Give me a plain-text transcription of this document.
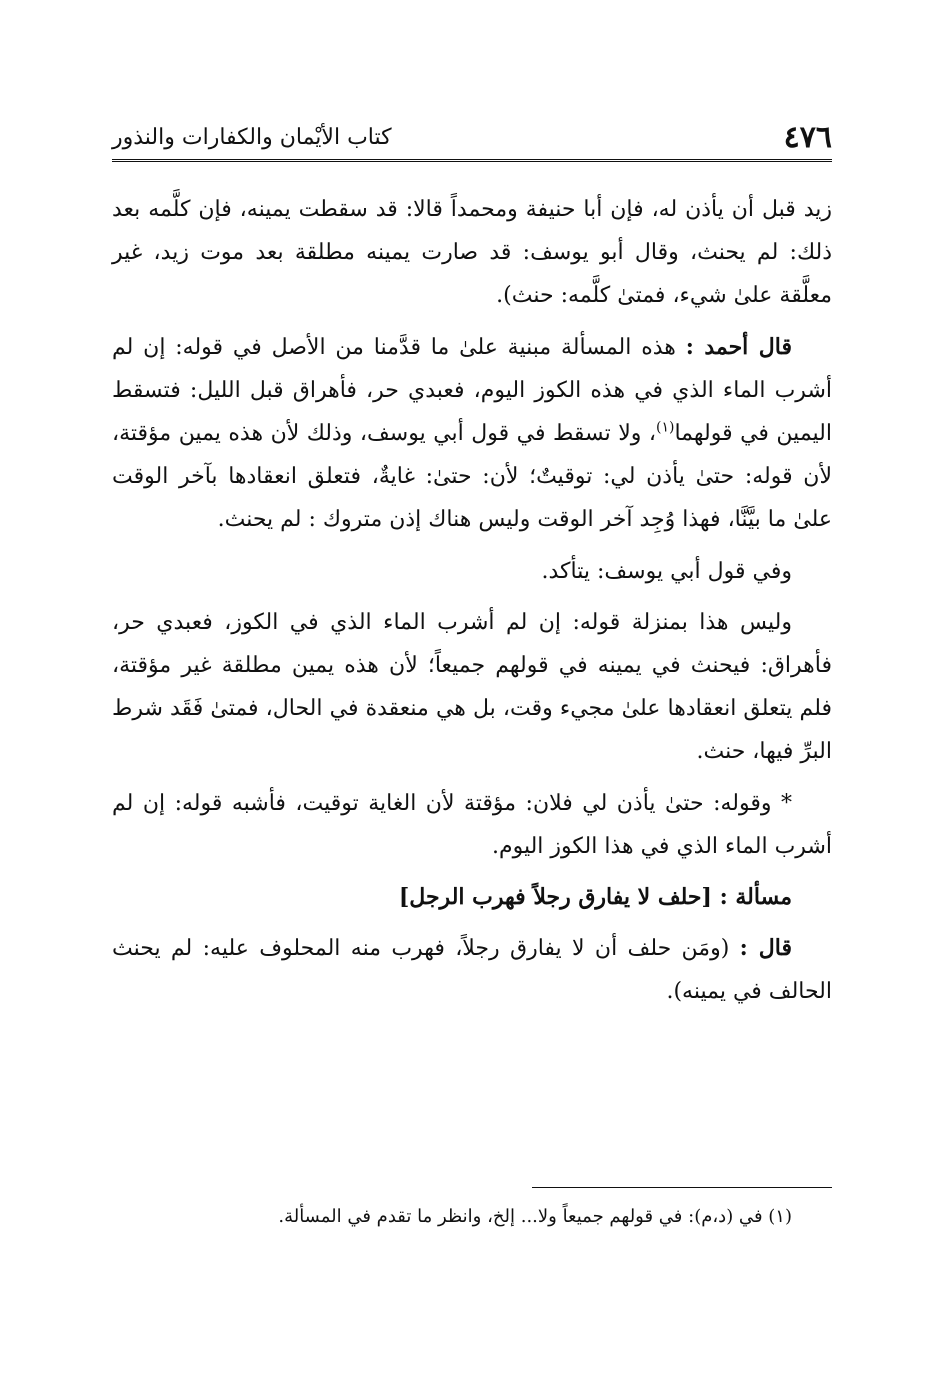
٤٧٦
كتاب الأيْمان والكفارات والنذور

زيد قبل أن يأذن له، فإن أبا حنيفة ومحمداً قالا: قد سقطت يمينه، فإن كلَّمه بعد ذلك: لم يحنث، وقال أبو يوسف: قد صارت يمينه مطلقة بعد موت زيد، غير معلَّقة علىٰ شيء، فمتىٰ كلَّمه: حنث).

قال أحمد : هذه المسألة مبنية علىٰ ما قدَّمنا من الأصل في قوله: إن لم أشرب الماء الذي في هذه الكوز اليوم، فعبدي حر، فأهراق قبل الليل: فتسقط اليمين في قولهما$^{(١)}$، ولا تسقط في قول أبي يوسف، وذلك لأن هذه يمين مؤقتة، لأن قوله: حتىٰ يأذن لي: توقيتٌ؛ لأن: حتىٰ: غايةٌ، فتعلق انعقادها بآخر الوقت علىٰ ما بيَّنَّا، فهذا وُجِد آخر الوقت وليس هناك إذن متروك : لم يحنث.

وفي قول أبي يوسف: يتأكد.

وليس هذا بمنزلة قوله: إن لم أشرب الماء الذي في الكوز، فعبدي حر، فأهراق: فيحنث في يمينه في قولهم جميعاً؛ لأن هذه يمين مطلقة غير مؤقتة، فلم يتعلق انعقادها علىٰ مجيء وقت، بل هي منعقدة في الحال، فمتىٰ فَقَد شرط البرِّ فيها، حنث.

* وقوله: حتىٰ يأذن لي فلان: مؤقتة لأن الغاية توقيت، فأشبه قوله: إن لم أشرب الماء الذي في هذا الكوز اليوم.

مسألة : [حلف لا يفارق رجلاً فهرب الرجل]

قال : (ومَن حلف أن لا يفارق رجلاً، فهرب منه المحلوف عليه: لم يحنث الحالف في يمينه).

(١) في (د،م): في قولهم جميعاً ولا... إلخ، وانظر ما تقدم في المسألة.
